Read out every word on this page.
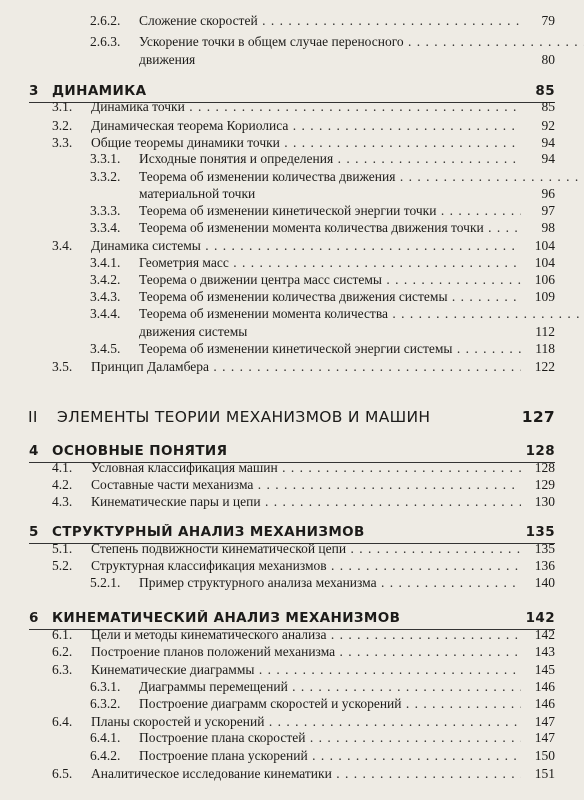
2.6.2. Сложение скоростей . . .	79
2.6.3. Ускорение точки в общем случае переносного . . .
движения	80
3 ДИНАМИКА	85
3.1. Динамика точки . . .	85
3.2. Динамическая теорема Кориолиса . . .	92
3.3. Общие теоремы динамики точки . . .	94
3.3.1. Исходные понятия и определения . . .	94
3.3.2. Теорема об изменении количества движения . . .
материальной точки	96
3.3.3. Теорема об изменении кинетической энергии точки . . .	97
3.3.4. Теорема об изменении момента количества движения точки . . .	98
3.4. Динамика системы . . .	104
3.4.1. Геометрия масс . . .	104
3.4.2. Теорема о движении центра масс системы . . .	106
3.4.3. Теорема об изменении количества движения системы . . .	109
3.4.4. Теорема об изменении момента количества . . .
движения системы	112
3.4.5. Теорема об изменении кинетической энергии системы . . .	118
3.5. Принцип Даламбера . . .	122
II ЭЛЕМЕНТЫ ТЕОРИИ МЕХАНИЗМОВ И МАШИН	127
4 ОСНОВНЫЕ ПОНЯТИЯ	128
4.1. Условная классификация машин . . .	128
4.2. Составные части механизма . . .	129
4.3. Кинематические пары и цепи . . .	130
5 СТРУКТУРНЫЙ АНАЛИЗ МЕХАНИЗМОВ	135
5.1. Степень подвижности кинематической цепи . . .	135
5.2. Структурная классификация механизмов . . .	136
5.2.1. Пример структурного анализа механизма . . .	140
6 КИНЕМАТИЧЕСКИЙ АНАЛИЗ МЕХАНИЗМОВ	142
6.1. Цели и методы кинематического анализа . . .	142
6.2. Построение планов положений механизма . . .	143
6.3. Кинематические диаграммы . . .	145
6.3.1. Диаграммы перемещений . . .	146
6.3.2. Построение диаграмм скоростей и ускорений . . .	146
6.4. Планы скоростей и ускорений . . .	147
6.4.1. Построение плана скоростей . . .	147
6.4.2. Построение плана ускорений . . .	150
6.5. Аналитическое исследование кинематики . . .	151
